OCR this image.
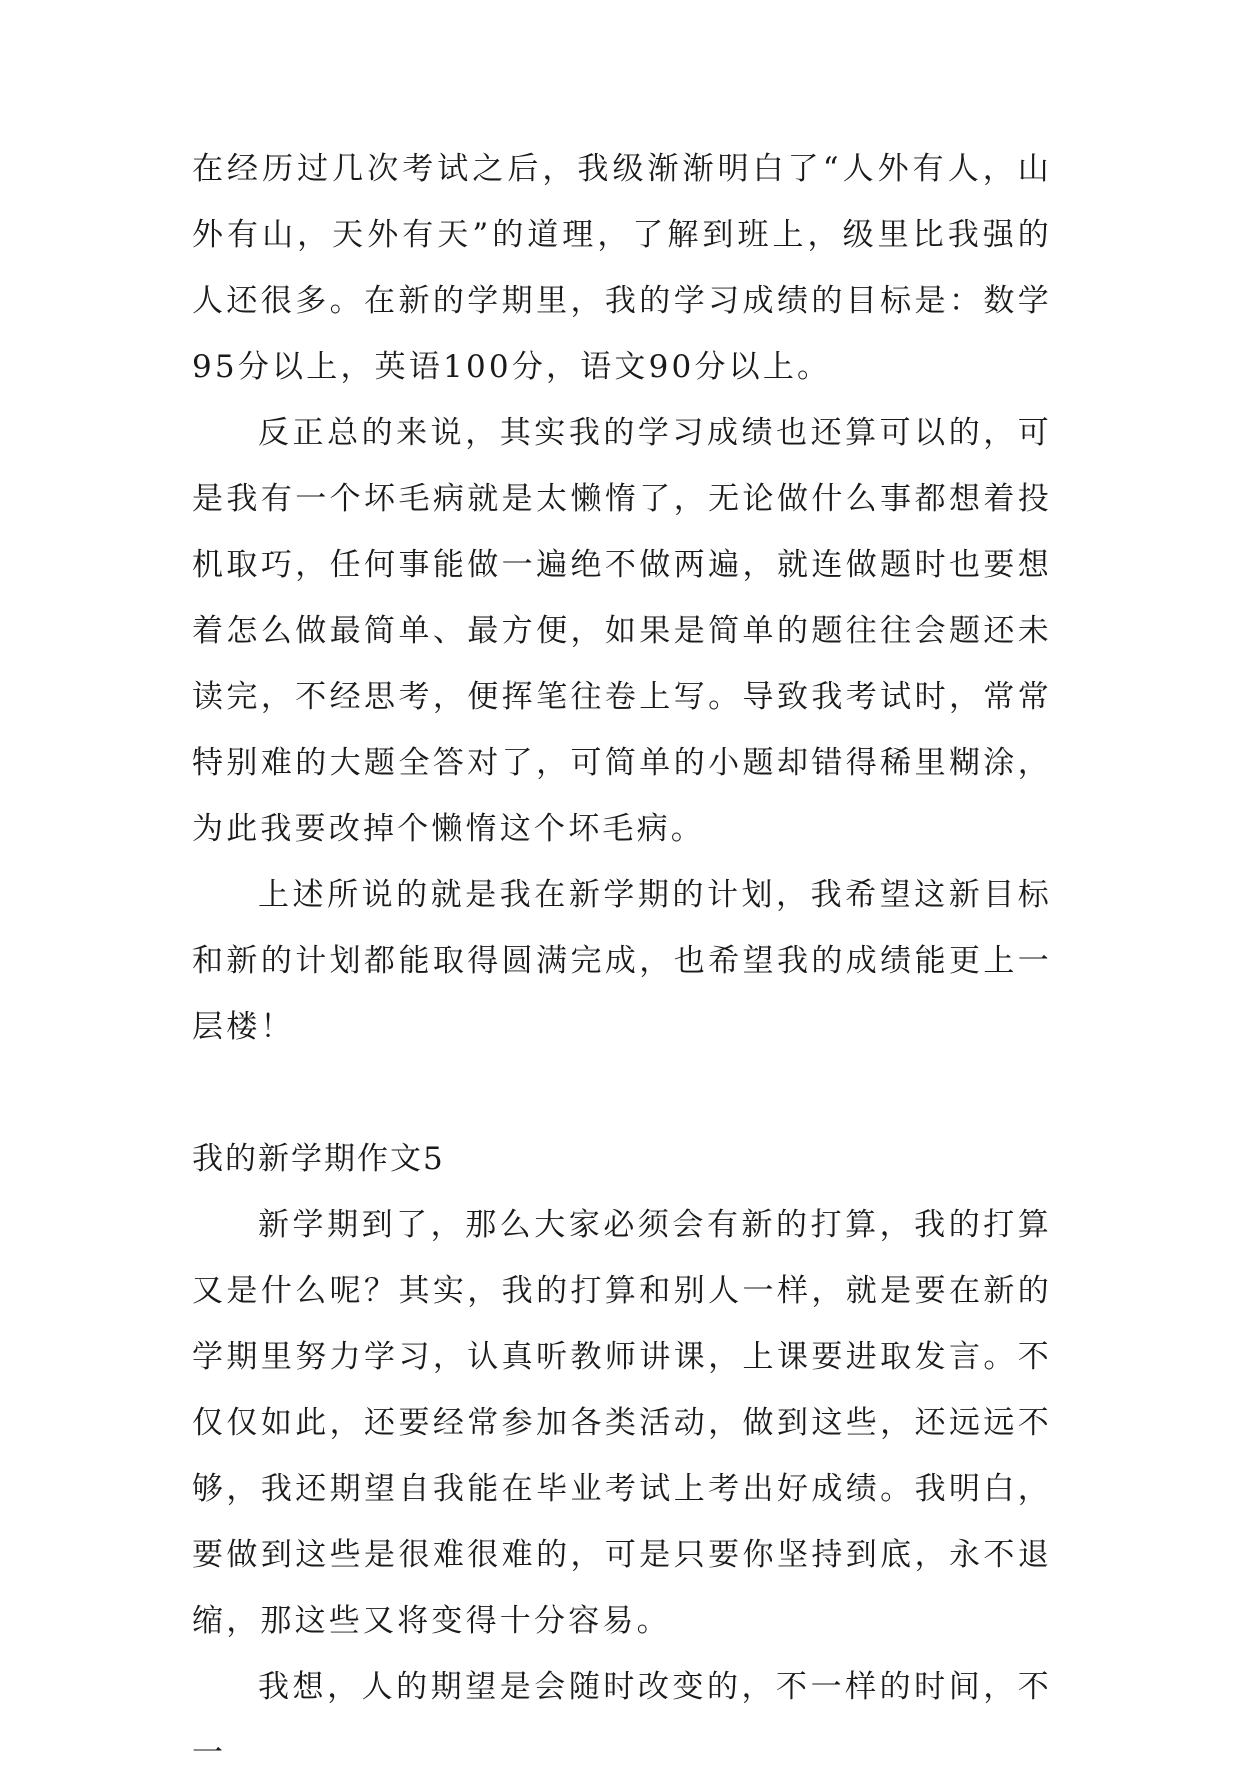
在经历过几次考试之后，我级渐渐明白了“人外有人，山外有山，天外有天”的道理，了解到班上，级里比我强的人还很多。在新的学期里，我的学习成绩的目标是：数学95分以上，英语100分，语文90分以上。

反正总的来说，其实我的学习成绩也还算可以的，可是我有一个坏毛病就是太懒惰了，无论做什么事都想着投机取巧，任何事能做一遍绝不做两遍，就连做题时也要想着怎么做最简单、最方便，如果是简单的题往往会题还未读完，不经思考，便挥笔往卷上写。导致我考试时，常常特别难的大题全答对了，可简单的小题却错得稀里糊涂，为此我要改掉个懒惰这个坏毛病。

上述所说的就是我在新学期的计划，我希望这新目标和新的计划都能取得圆满完成，也希望我的成绩能更上一层楼！

我的新学期作文5

新学期到了，那么大家必须会有新的打算，我的打算又是什么呢？其实，我的打算和别人一样，就是要在新的学期里努力学习，认真听教师讲课，上课要进取发言。不仅仅如此，还要经常参加各类活动，做到这些，还远远不够，我还期望自我能在毕业考试上考出好成绩。我明白，要做到这些是很难很难的，可是只要你坚持到底，永不退缩，那这些又将变得十分容易。

我想，人的期望是会随时改变的，不一样的时间，不一
